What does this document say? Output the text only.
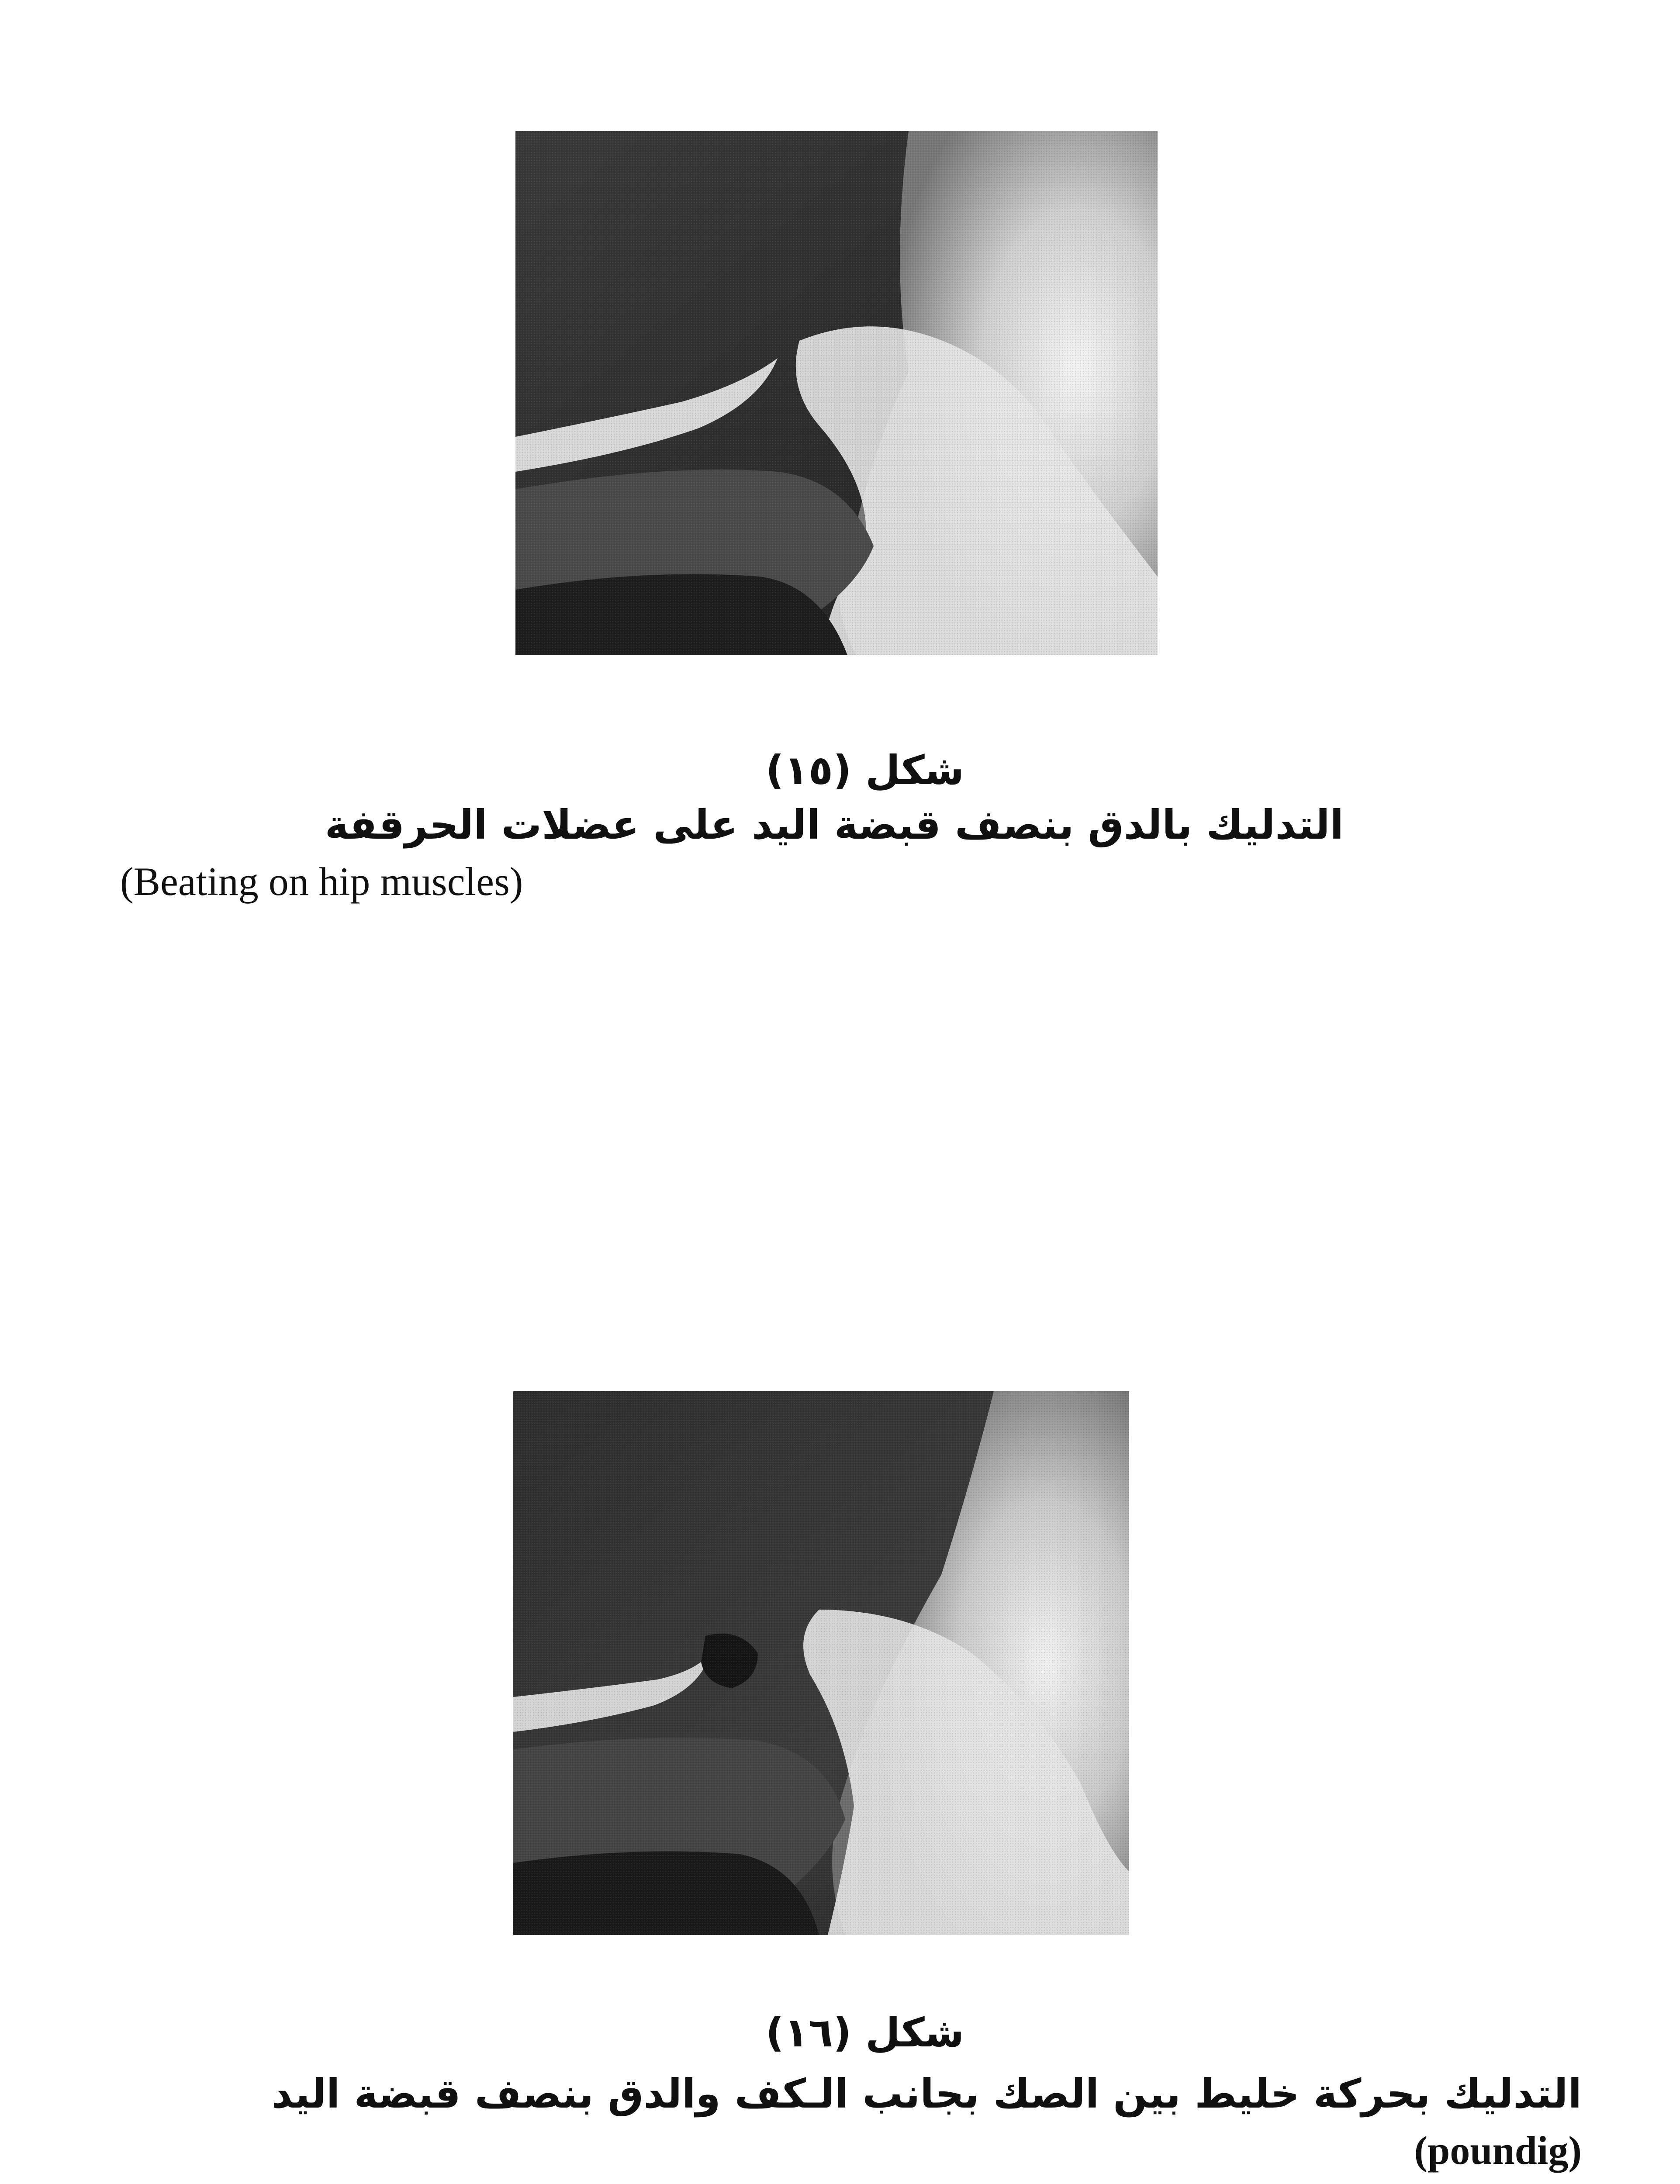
شكل (١٥)
التدليك بالدق بنصف قبضة اليد على عضلات الحرقفة
(Beating on hip muscles)
شكل (١٦)
التدليك بحركة خليط بين الصك بجانب الـكف والدق بنصف قبضة اليد
(poundig)
